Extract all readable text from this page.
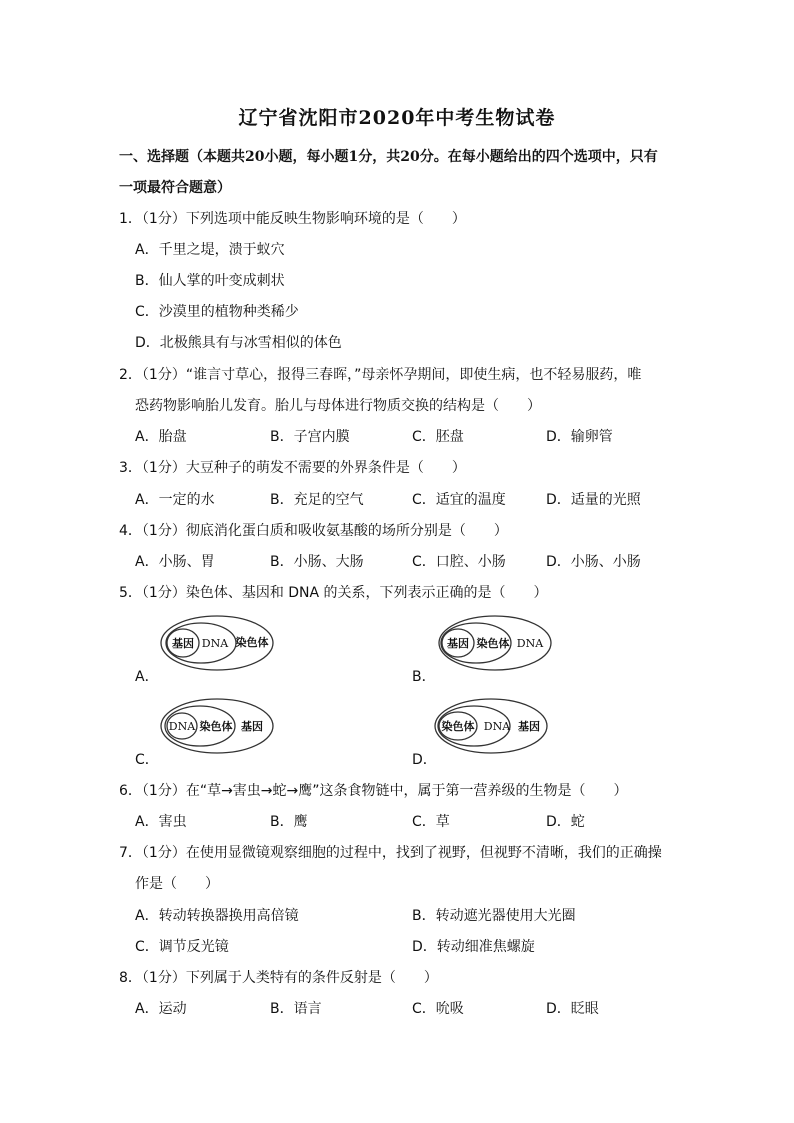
辽宁省沈阳市2020年中考生物试卷
一、选择题（本题共20小题，每小题1分，共20分。在每小题给出的四个选项中，只有
一项最符合题意）
1．（1分）下列选项中能反映生物影响环境的是（　　）
A．千里之堤，溃于蚁穴
B．仙人掌的叶变成刺状
C．沙漠里的植物种类稀少
D．北极熊具有与冰雪相似的体色
2．（1分）“谁言寸草心，报得三春晖，”母亲怀孕期间，即使生病，也不轻易服药，唯
恐药物影响胎儿发育。胎儿与母体进行物质交换的结构是（　　）
A．胎盘	B．子宫内膜	C．胚盘	D．输卵管
3．（1分）大豆种子的萌发不需要的外界条件是（　　）
A．一定的水	B．充足的空气	C．适宜的温度	D．适量的光照
4．（1分）彻底消化蛋白质和吸收氨基酸的场所分别是（　　）
A．小肠、胃	B．小肠、大肠	C．口腔、小肠	D．小肠、小肠
5．（1分）染色体、基因和 DNA 的关系，下列表示正确的是（　　）
A．	B．
C．	D．
基因 DNA 染色体	基因 染色体 DNA
DNA 染色体 基因	染色体 DNA 基因
6．（1分）在“草→害虫→蛇→鹰”这条食物链中，属于第一营养级的生物是（　　）
A．害虫	B．鹰	C．草	D．蛇
7．（1分）在使用显微镜观察细胞的过程中，找到了视野，但视野不清晰，我们的正确操
作是（　　）
A．转动转换器换用高倍镜	B．转动遮光器使用大光圈
C．调节反光镜	D．转动细准焦螺旋
8．（1分）下列属于人类特有的条件反射是（　　）
A．运动	B．语言	C．吮吸	D．眨眼
